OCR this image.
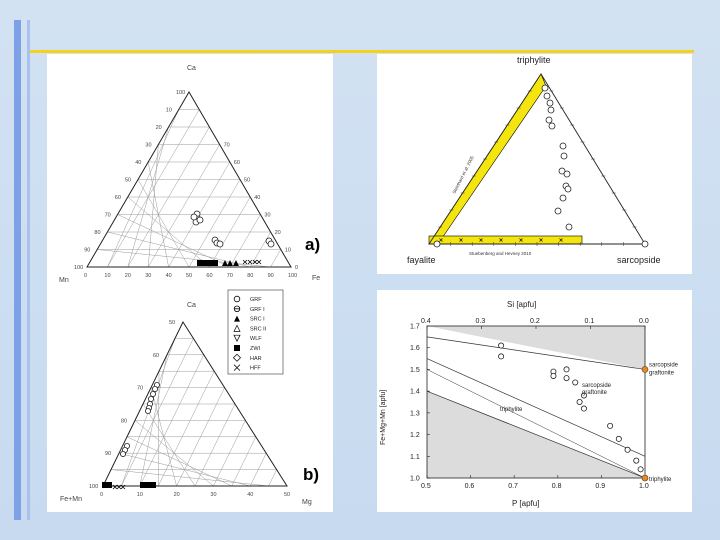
100
10
20
30
40
50
60
70
80
90
100
70
60
50
40
30
20
10
0
0	10	20	30	40	50	60	70	80	90	100
50
60
70
80
90
100
0	10	20	30	40	50
GRF
GRF I
SRC I
SRC II
WLF
ZWI
HAR
HFF
Ca
Mn	Fe
a)
Ca
Fe+Mn	Mg
b)
triphylite
fayalite	sarcopside
Steinhard et al. 2005
Stuebenberg and Hevney 2010
0.5	0.6	0.7	0.8	0.9	1.0
0.4	0.3	0.2	0.1	0.0
1.0
1.1
1.2
1.3
1.4
1.5
1.6
1.7
sarcopside
graftonite
triphylite
sarcopside
graftonite
triphylite
Si [apfu]
P [apfu]
Fe+Mg+Mn [apfu]
